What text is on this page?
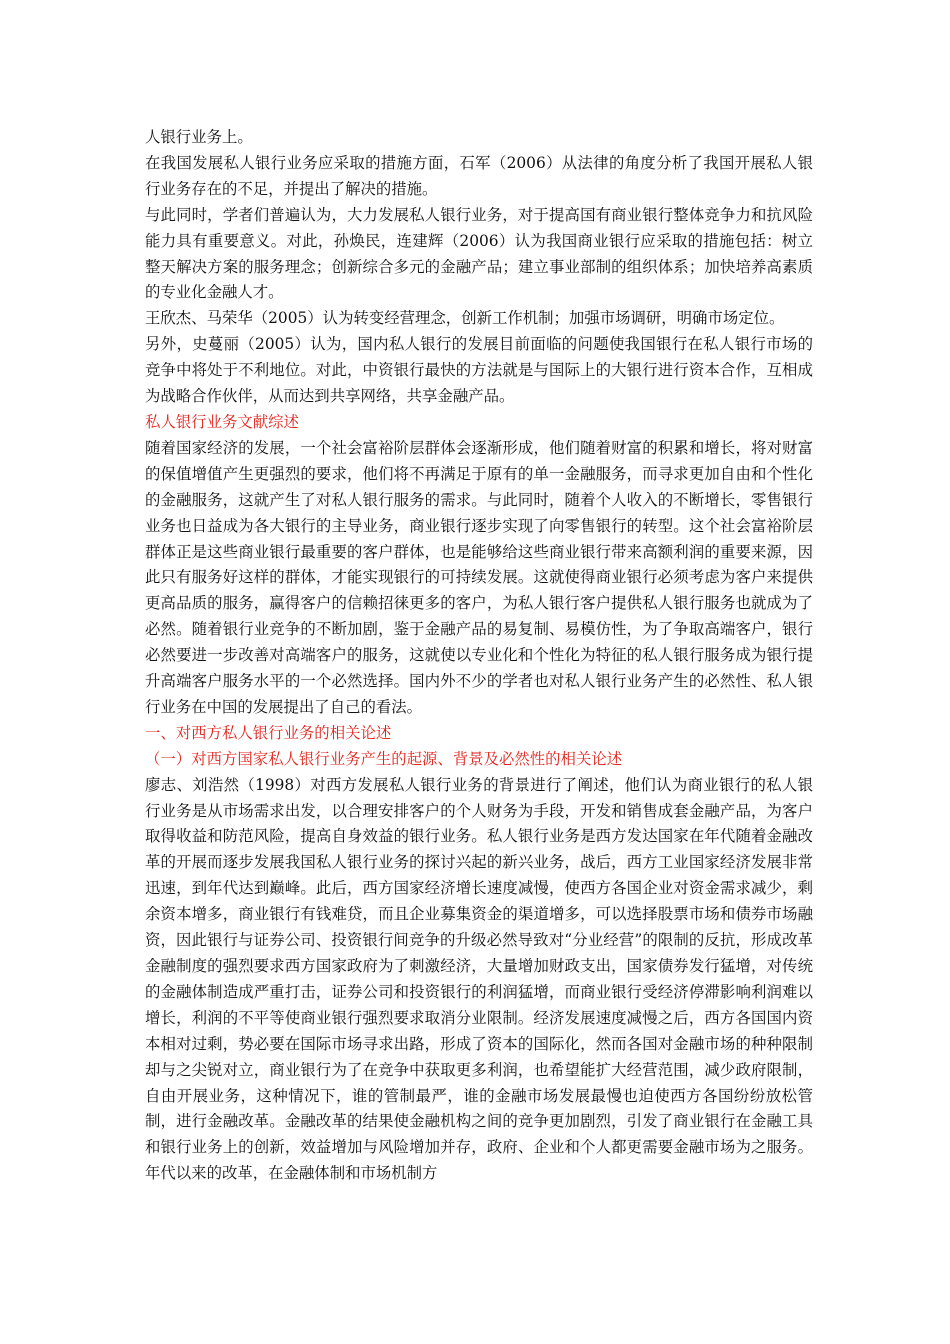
人银行业务上。

在我国发展私人银行业务应采取的措施方面，石军（2006）从法律的角度分析了我国开展私人银行业务存在的不足，并提出了解决的措施。

与此同时，学者们普遍认为，大力发展私人银行业务，对于提高国有商业银行整体竞争力和抗风险能力具有重要意义。对此，孙焕民，连建辉（2006）认为我国商业银行应采取的措施包括：树立整天解决方案的服务理念；创新综合多元的金融产品；建立事业部制的组织体系；加快培养高素质的专业化金融人才。

王欣杰、马荣华（2005）认为转变经营理念，创新工作机制；加强市场调研，明确市场定位。

另外，史蔓丽（2005）认为，国内私人银行的发展目前面临的问题使我国银行在私人银行市场的竞争中将处于不利地位。对此，中资银行最快的方法就是与国际上的大银行进行资本合作，互相成为战略合作伙伴，从而达到共享网络，共享金融产品。

私人银行业务文献综述

随着国家经济的发展，一个社会富裕阶层群体会逐渐形成，他们随着财富的积累和增长，将对财富的保值增值产生更强烈的要求，他们将不再满足于原有的单一金融服务，而寻求更加自由和个性化的金融服务，这就产生了对私人银行服务的需求。与此同时，随着个人收入的不断增长，零售银行业务也日益成为各大银行的主导业务，商业银行逐步实现了向零售银行的转型。这个社会富裕阶层群体正是这些商业银行最重要的客户群体，也是能够给这些商业银行带来高额利润的重要来源，因此只有服务好这样的群体，才能实现银行的可持续发展。这就使得商业银行必须考虑为客户来提供更高品质的服务，赢得客户的信赖招徕更多的客户，为私人银行客户提供私人银行服务也就成为了必然。随着银行业竞争的不断加剧，鉴于金融产品的易复制、易模仿性，为了争取高端客户，银行必然要进一步改善对高端客户的服务，这就使以专业化和个性化为特征的私人银行服务成为银行提升高端客户服务水平的一个必然选择。国内外不少的学者也对私人银行业务产生的必然性、私人银行业务在中国的发展提出了自己的看法。

一、对西方私人银行业务的相关论述

（一）对西方国家私人银行业务产生的起源、背景及必然性的相关论述

廖志、刘浩然（1998）对西方发展私人银行业务的背景进行了阐述，他们认为商业银行的私人银行业务是从市场需求出发，以合理安排客户的个人财务为手段，开发和销售成套金融产品，为客户取得收益和防范风险，提高自身效益的银行业务。私人银行业务是西方发达国家在年代随着金融改革的开展而逐步发展我国私人银行业务的探讨兴起的新兴业务，战后，西方工业国家经济发展非常迅速，到年代达到巅峰。此后，西方国家经济增长速度减慢，使西方各国企业对资金需求减少，剩余资本增多，商业银行有钱难贷，而且企业募集资金的渠道增多，可以选择股票市场和债券市场融资，因此银行与证券公司、投资银行间竞争的升级必然导致对“分业经营”的限制的反抗，形成改革金融制度的强烈要求西方国家政府为了刺激经济，大量增加财政支出，国家债券发行猛增，对传统的金融体制造成严重打击，证券公司和投资银行的利润猛增，而商业银行受经济停滞影响利润难以增长，利润的不平等使商业银行强烈要求取消分业限制。经济发展速度减慢之后，西方各国国内资本相对过剩，势必要在国际市场寻求出路，形成了资本的国际化，然而各国对金融市场的种种限制却与之尖锐对立，商业银行为了在竞争中获取更多利润，也希望能扩大经营范围，减少政府限制，自由开展业务，这种情况下，谁的管制最严，谁的金融市场发展最慢也迫使西方各国纷纷放松管制，进行金融改革。金融改革的结果使金融机构之间的竞争更加剧烈，引发了商业银行在金融工具和银行业务上的创新，效益增加与风险增加并存，政府、企业和个人都更需要金融市场为之服务。年代以来的改革，在金融体制和市场机制方
